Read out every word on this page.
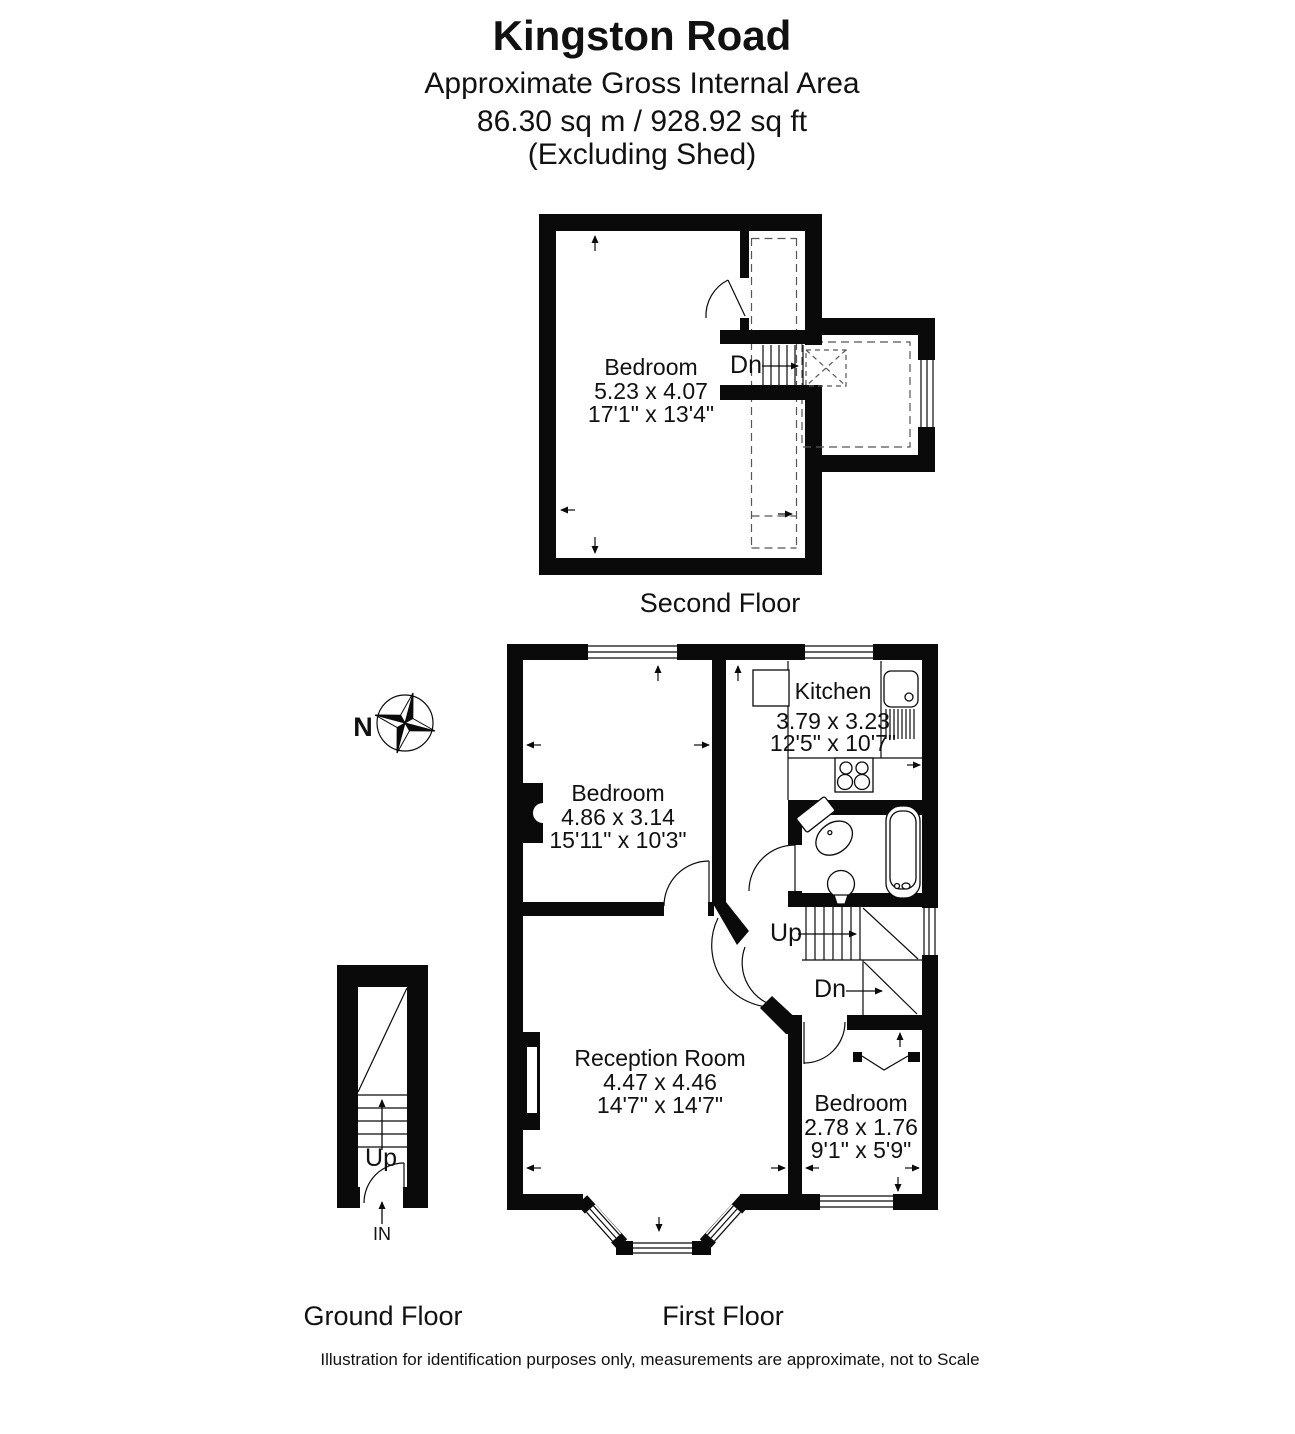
Kingston Road
Approximate Gross Internal Area
86.30 sq m / 928.92 sq ft
(Excluding Shed)
Bedroom
5.23 x 4.07
17'1" x 13'4"
Dn
Second Floor
N
Kitchen
3.79 x 3.23
12'5" x 10'7"
Bedroom
4.86 x 3.14
15'11" x 10'3"
Reception Room
4.47 x 4.46
14'7" x 14'7"	Bedroom
2.78 x 1.76
9'1" x 5'9"
Up
Dn
First Floor
Up
IN
Ground Floor
Illustration for identification purposes only, measurements are approximate, not to Scale
